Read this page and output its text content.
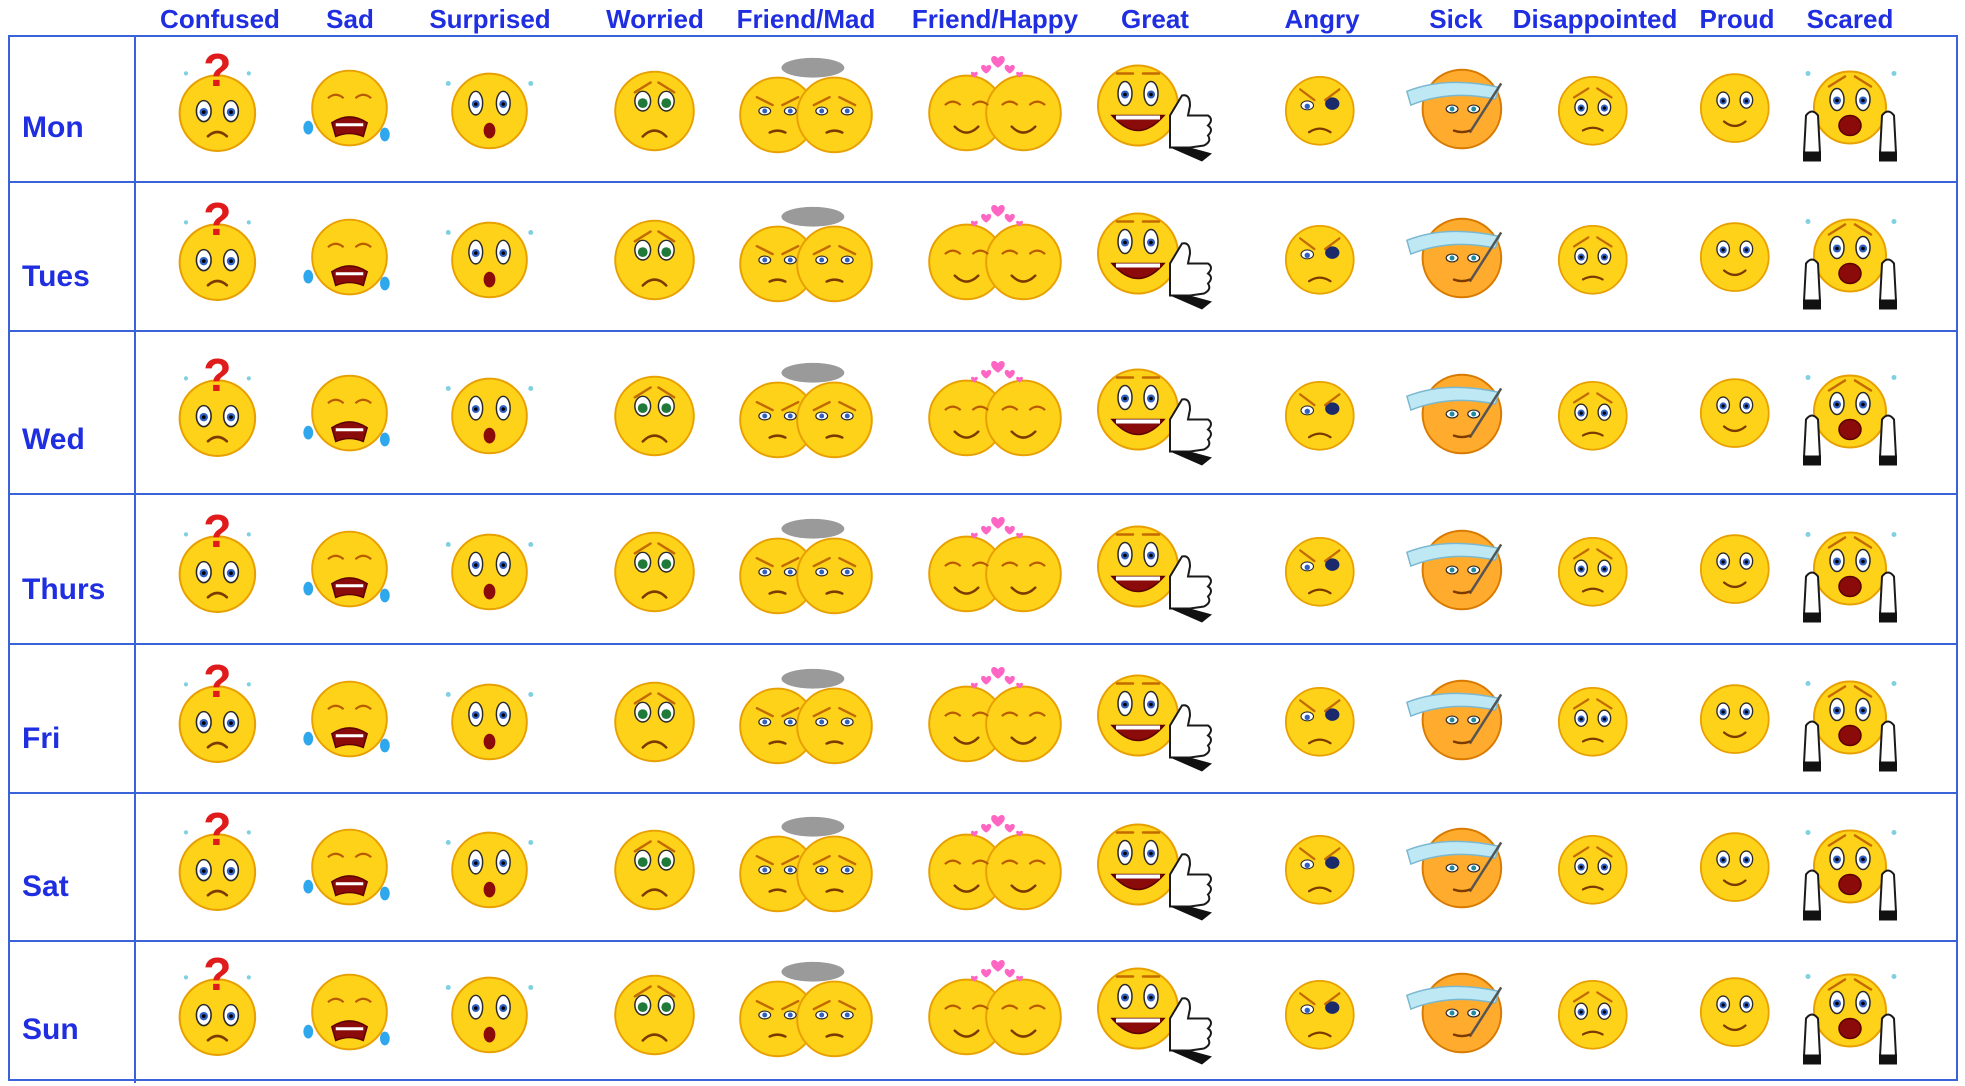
Confused Sad Surprised Worried Friend/Mad Friend/Happy Great	Angry	Sick Disappointed Proud Scared
Mon
?
Tues
?
Wed
?
Thurs
?
Fri
?
Sat
?
Sun
?
